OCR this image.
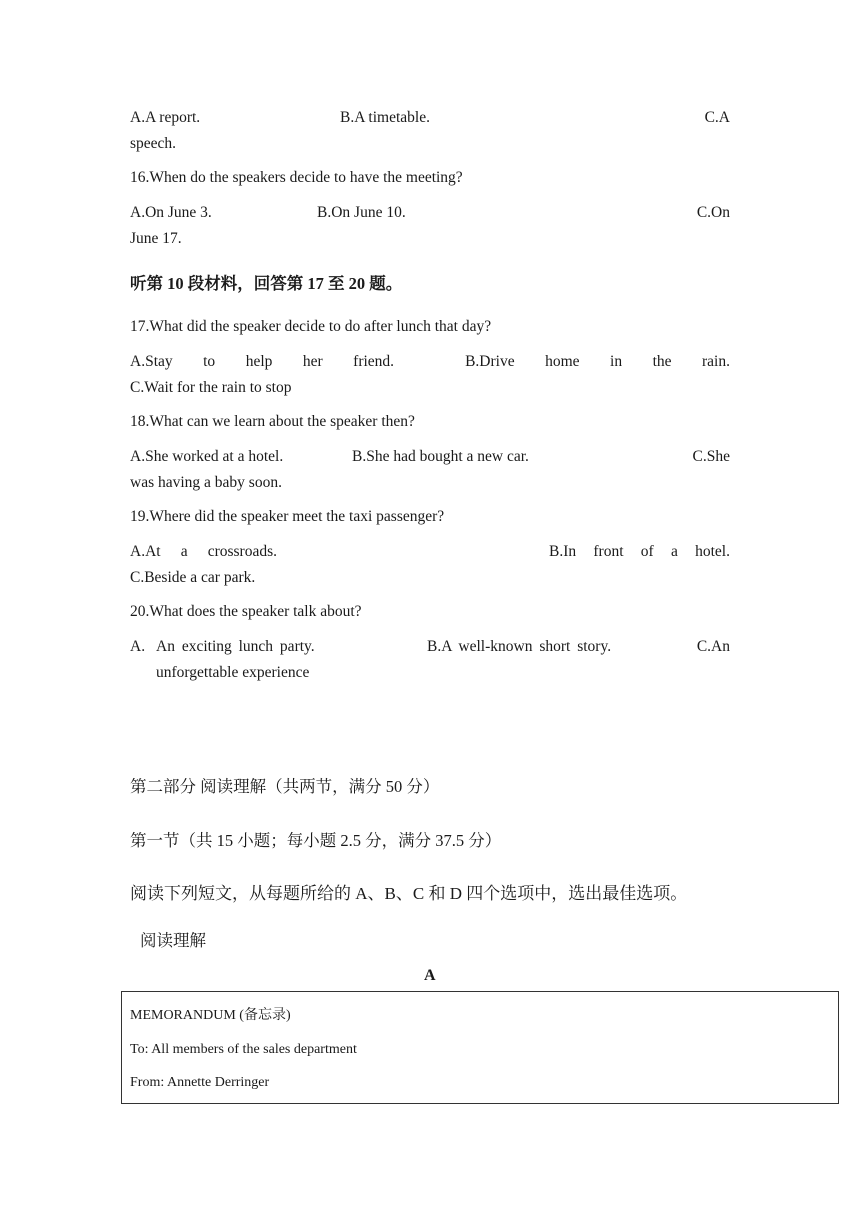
A.A report.	B.A timetable.	C.A
speech.
16.When do the speakers decide to have the meeting?
A.On June 3.	B.On June 10.	C.On
June 17.
听第 10 段材料，回答第 17 至 20 题。
17.What did the speaker decide to do after lunch that day?
A.Stay to help her friend.	B.Drive home in the rain.
C.Wait for the rain to stop
18.What can we learn about the speaker then?
A.She worked at a hotel.	B.She had bought a new car.	C.She
was having a baby soon.
19.Where did the speaker meet the taxi passenger?
A.At a crossroads.	B.In front of a hotel.
C.Beside a car park.
20.What does the speaker talk about?
A. An exciting lunch party.	B.A well-known short story.	C.An
unforgettable experience
第二部分 阅读理解（共两节，满分 50 分）
第一节（共 15 小题；每小题 2.5 分，满分 37.5 分）
阅读下列短文，从每题所给的 A、B、C 和 D 四个选项中，选出最佳选项。
阅读理解
A
MEMORANDUM (备忘录)
To: All members of the sales department
From: Annette Derringer
